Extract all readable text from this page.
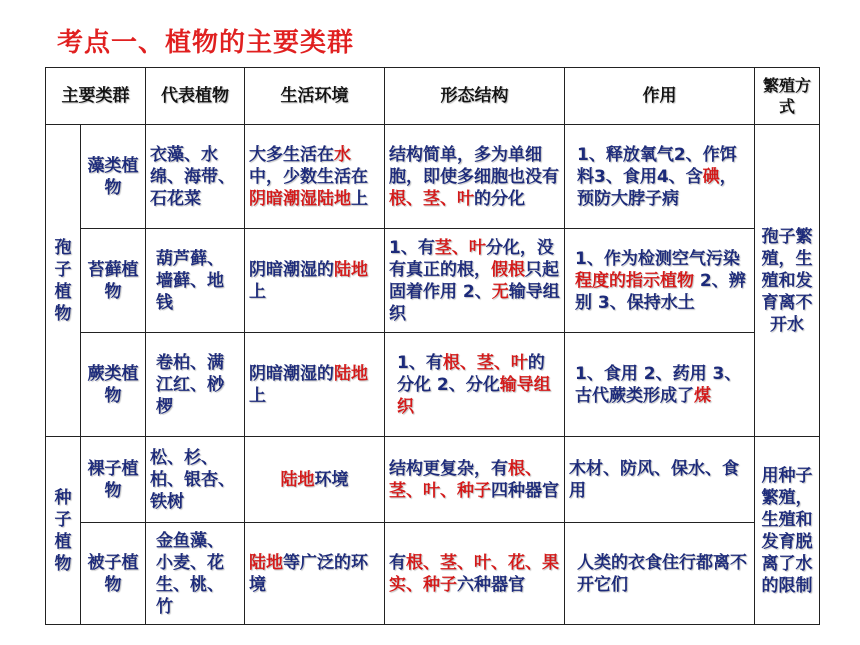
考点一、植物的主要类群
主要类群		代表植物	生活环境	形态结构	作用	繁殖方式

孢
子
植
物	藻类植物	衣藻、水绵、海带、石花菜	大多生活在水中，少数生活在阴暗潮湿陆地上	结构简单，多为单细胞，即使多细胞也没有根、茎、叶的分化	1、释放氧气2、作饵料3、食用4、含碘，预防大脖子病	孢子繁殖，生殖和发育离不开水
	苔藓植物	葫芦藓、墙藓、地钱	阴暗潮湿的陆地上	1、有茎、叶分化，没有真正的根，假根只起固着作用 2、无输导组织	1、作为检测空气污染程度的指示植物 2、辨别 3、保持水土	
	蕨类植物	卷柏、满江红、桫椤	阴暗潮湿的陆地上	1、有根、茎、叶的分化 2、分化输导组织	1、食用 2、药用 3、古代蕨类形成了煤	

种
子
植
物	裸子植物	松、杉、柏、银杏、铁树	陆地环境	结构更复杂，有根、茎、叶、种子四种器官	木材、防风、保水、食用	用种子繁殖，生殖和发育脱离了水的限制
	被子植物	金鱼藻、小麦、花生、桃、竹	陆地等广泛的环境	有根、茎、叶、花、果实、种子六种器官	人类的衣食住行都离不开它们	
